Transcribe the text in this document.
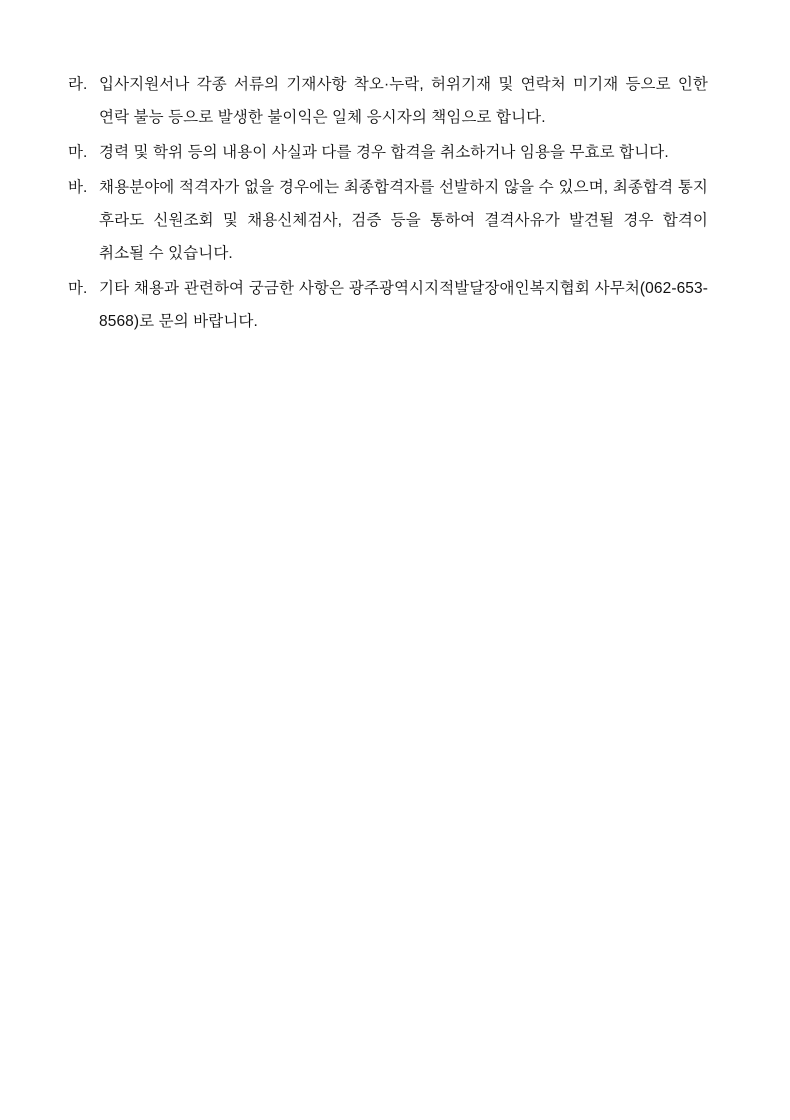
라. 입사지원서나 각종 서류의 기재사항 착오·누락, 허위기재 및 연락처 미기재 등으로 인한 연락 불능 등으로 발생한 불이익은 일체 응시자의 책임으로 합니다.
마. 경력 및 학위 등의 내용이 사실과 다를 경우 합격을 취소하거나 임용을 무효로 합니다.
바. 채용분야에 적격자가 없을 경우에는 최종합격자를 선발하지 않을 수 있으며, 최종합격 통지 후라도 신원조회 및 채용신체검사, 검증 등을 통하여 결격사유가 발견될 경우 합격이 취소될 수 있습니다.
마. 기타 채용과 관련하여 궁금한 사항은 광주광역시지적발달장애인복지협회 사무처(062-653-8568)로 문의 바랍니다.
